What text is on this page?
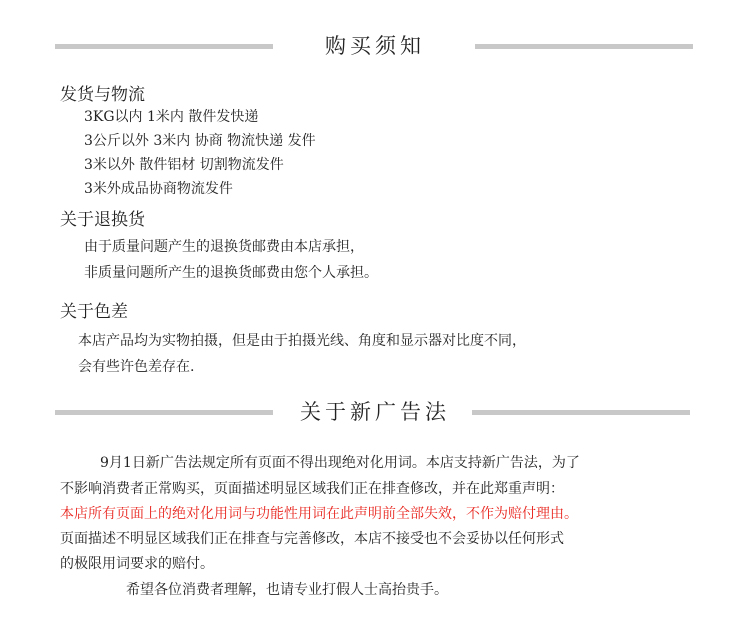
购买须知
发货与物流
3KG以内 1米内 散件发快递
3公斤以外 3米内 协商 物流快递 发件
3米以外 散件铝材 切割物流发件
3米外成品协商物流发件
关于退换货
由于质量问题产生的退换货邮费由本店承担，
非质量问题所产生的退换货邮费由您个人承担。
关于色差
本店产品均为实物拍摄，但是由于拍摄光线、角度和显示器对比度不同，
会有些许色差存在.
关于新广告法
9月1日新广告法规定所有页面不得出现绝对化用词。本店支持新广告法，为了
不影响消费者正常购买，页面描述明显区域我们正在排查修改，并在此郑重声明：
本店所有页面上的绝对化用词与功能性用词在此声明前全部失效，不作为赔付理由。
页面描述不明显区域我们正在排查与完善修改，本店不接受也不会妥协以任何形式
的极限用词要求的赔付。
希望各位消费者理解，也请专业打假人士高抬贵手。
